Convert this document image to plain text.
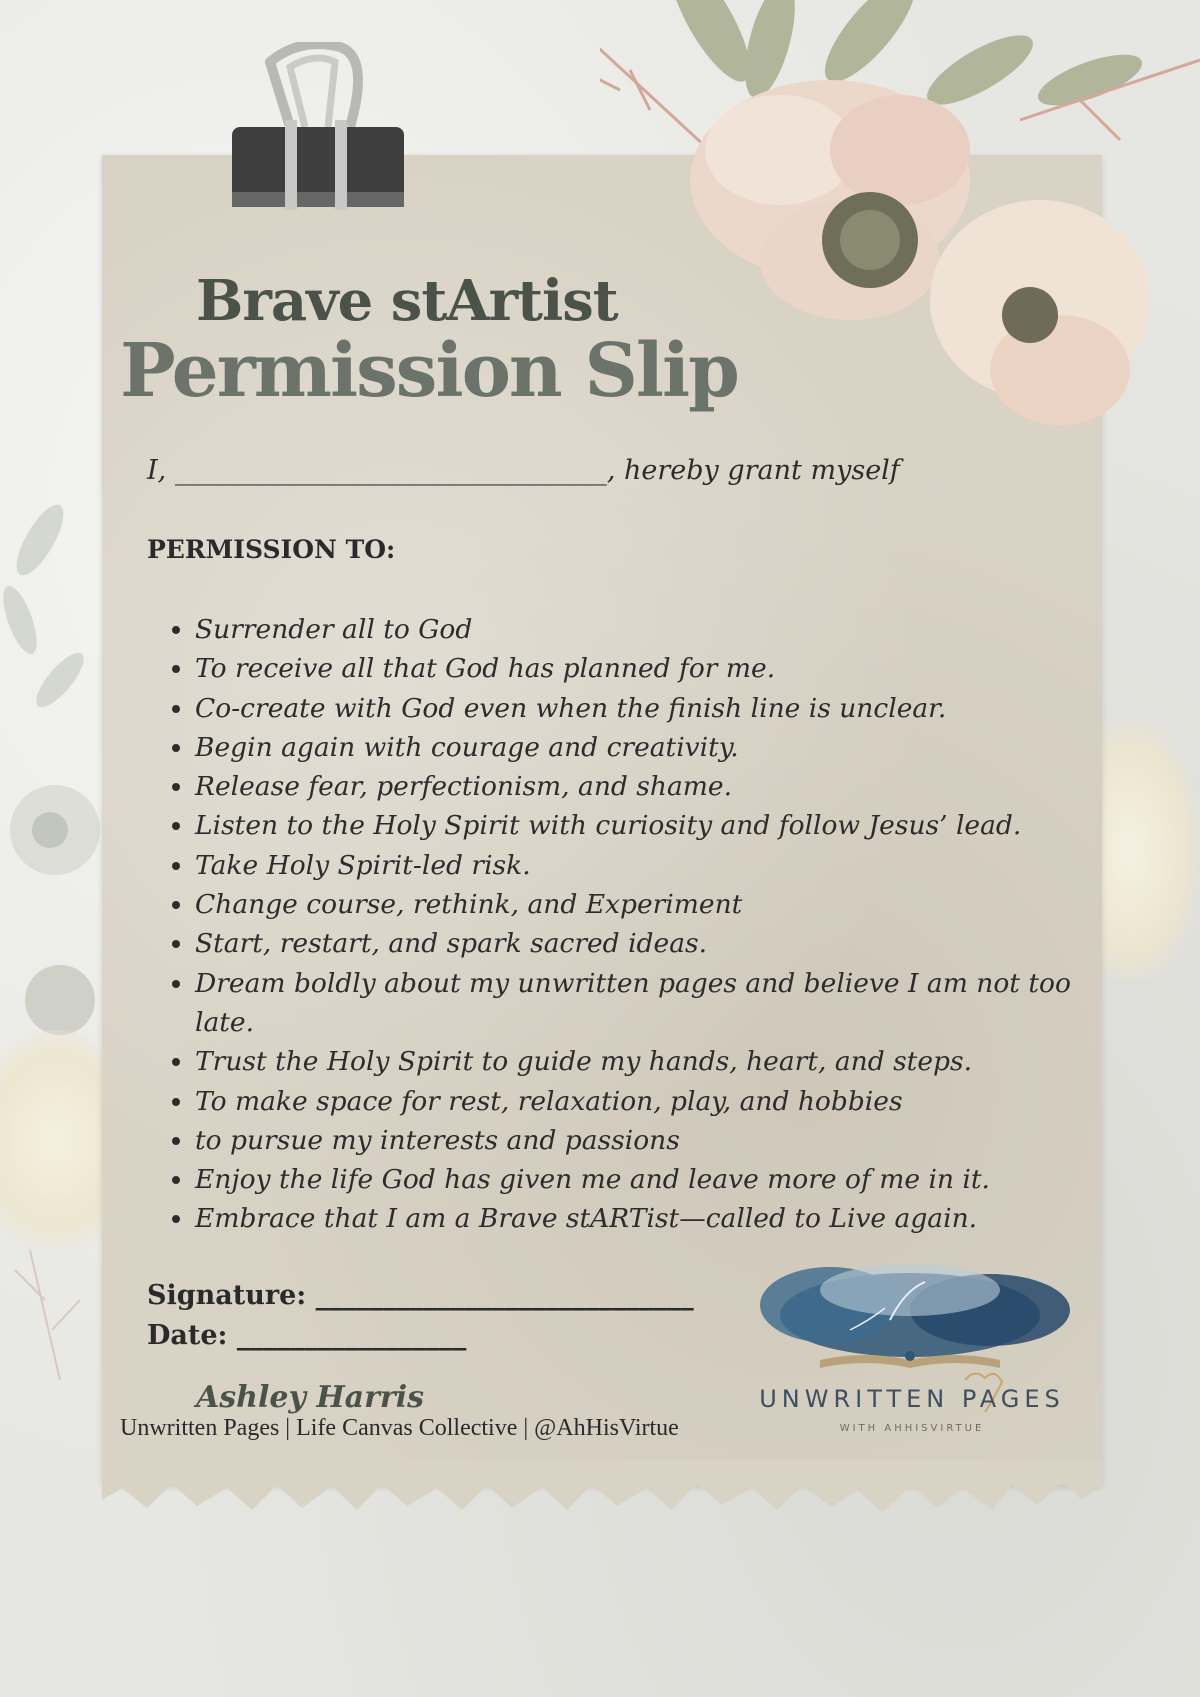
Brave stArtist
Permission Slip

I, ________________________________, hereby grant myself

PERMISSION TO:

• Surrender all to God
• To receive all that God has planned for me.
• Co-create with God even when the finish line is unclear.
• Begin again with courage and creativity.
• Release fear, perfectionism, and shame.
• Listen to the Holy Spirit with curiosity and follow Jesus’ lead.
• Take Holy Spirit-led risk.
• Change course, rethink, and Experiment
• Start, restart, and spark sacred ideas.
• Dream boldly about my unwritten pages and believe I am not too late.
• Trust the Holy Spirit to guide my hands, heart, and steps.
• To make space for rest, relaxation, play, and hobbies
• to pursue my interests and passions
• Enjoy the life God has given me and leave more of me in it.
• Embrace that I am a Brave stARTist—called to Live again.

Signature: ____________________________

Date: _________________

Ashley Harris

Unwritten Pages | Life Canvas Collective | @AhHisVirtue

UNWRITTEN PAGES

WITH AHHISVIRTUE
